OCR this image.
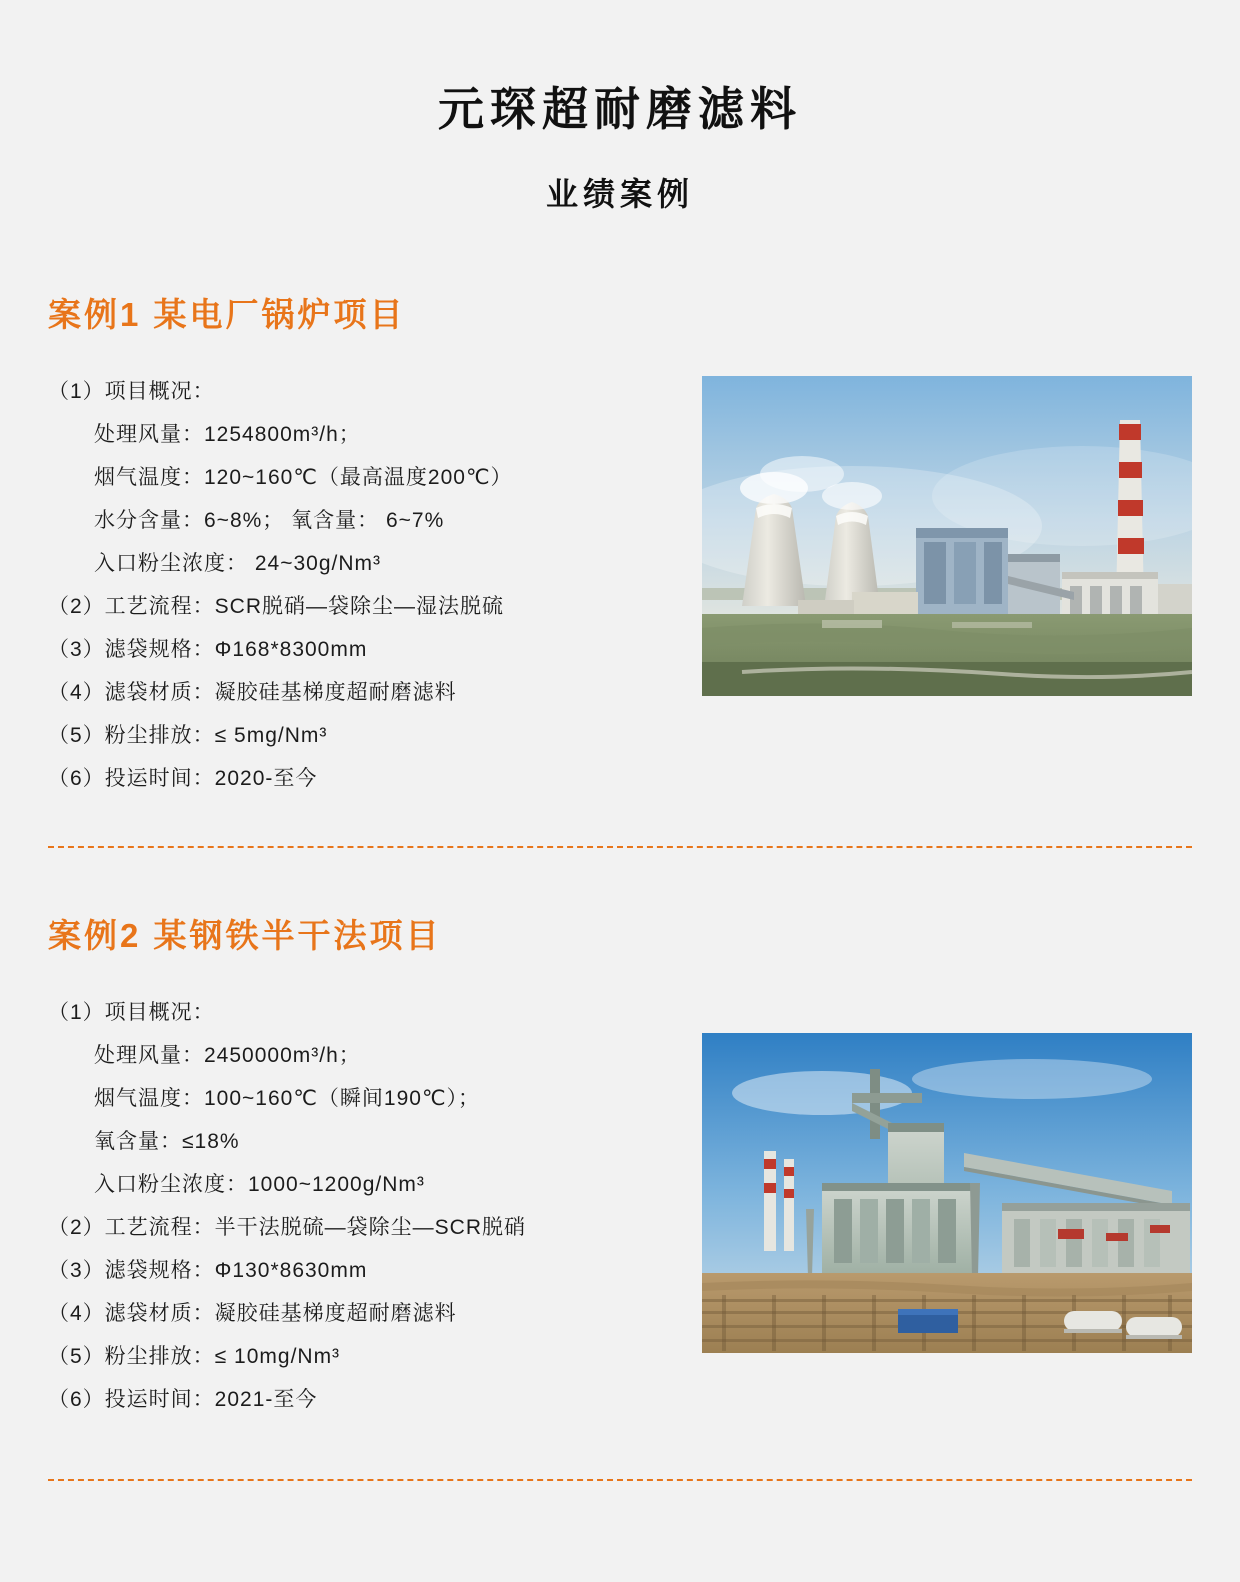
元琛超耐磨滤料
业绩案例
案例1 某电厂锅炉项目
（1）项目概况：
处理风量：1254800m³/h；
烟气温度：120~160℃（最高温度200℃）
水分含量：6~8%； 氧含量： 6~7%
入口粉尘浓度： 24~30g/Nm³
（2）工艺流程：SCR脱硝—袋除尘—湿法脱硫
（3）滤袋规格：Φ168*8300mm
（4）滤袋材质：凝胶硅基梯度超耐磨滤料
（5）粉尘排放：≤ 5mg/Nm³
（6）投运时间：2020-至今
案例2 某钢铁半干法项目
（1）项目概况：
处理风量：2450000m³/h；
烟气温度：100~160℃（瞬间190℃）；
氧含量：≤18%
入口粉尘浓度：1000~1200g/Nm³
（2）工艺流程：半干法脱硫—袋除尘—SCR脱硝
（3）滤袋规格：Φ130*8630mm
（4）滤袋材质：凝胶硅基梯度超耐磨滤料
（5）粉尘排放：≤ 10mg/Nm³
（6）投运时间：2021-至今
